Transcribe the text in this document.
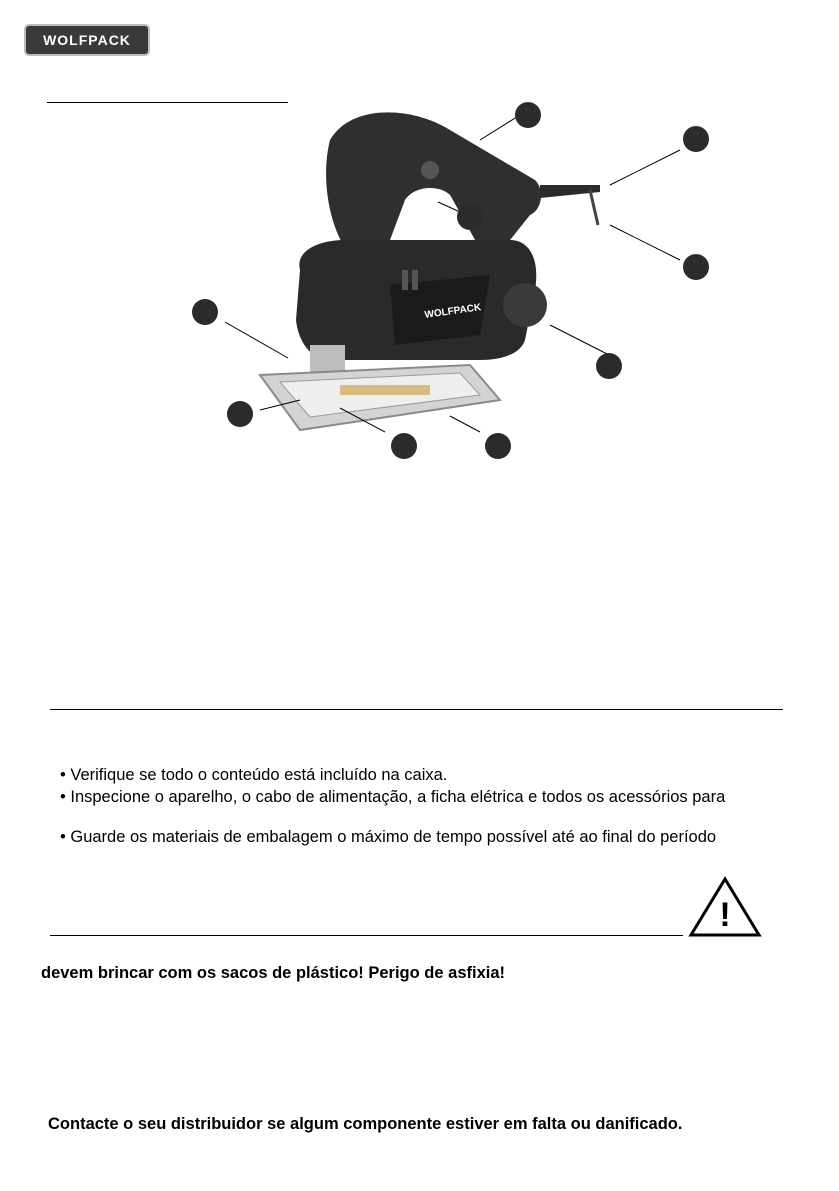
WOLFPACK
WOLFPACK
• Verifique se todo o conteúdo está incluído na caixa.
• Inspecione o aparelho, o cabo de alimentação, a ficha elétrica e todos os acessórios para
• Guarde os materiais de embalagem o máximo de tempo possível até ao final do período
!
devem brincar com os sacos de plástico! Perigo de asfixia!
Contacte o seu distribuidor se algum componente estiver em falta ou danificado.
